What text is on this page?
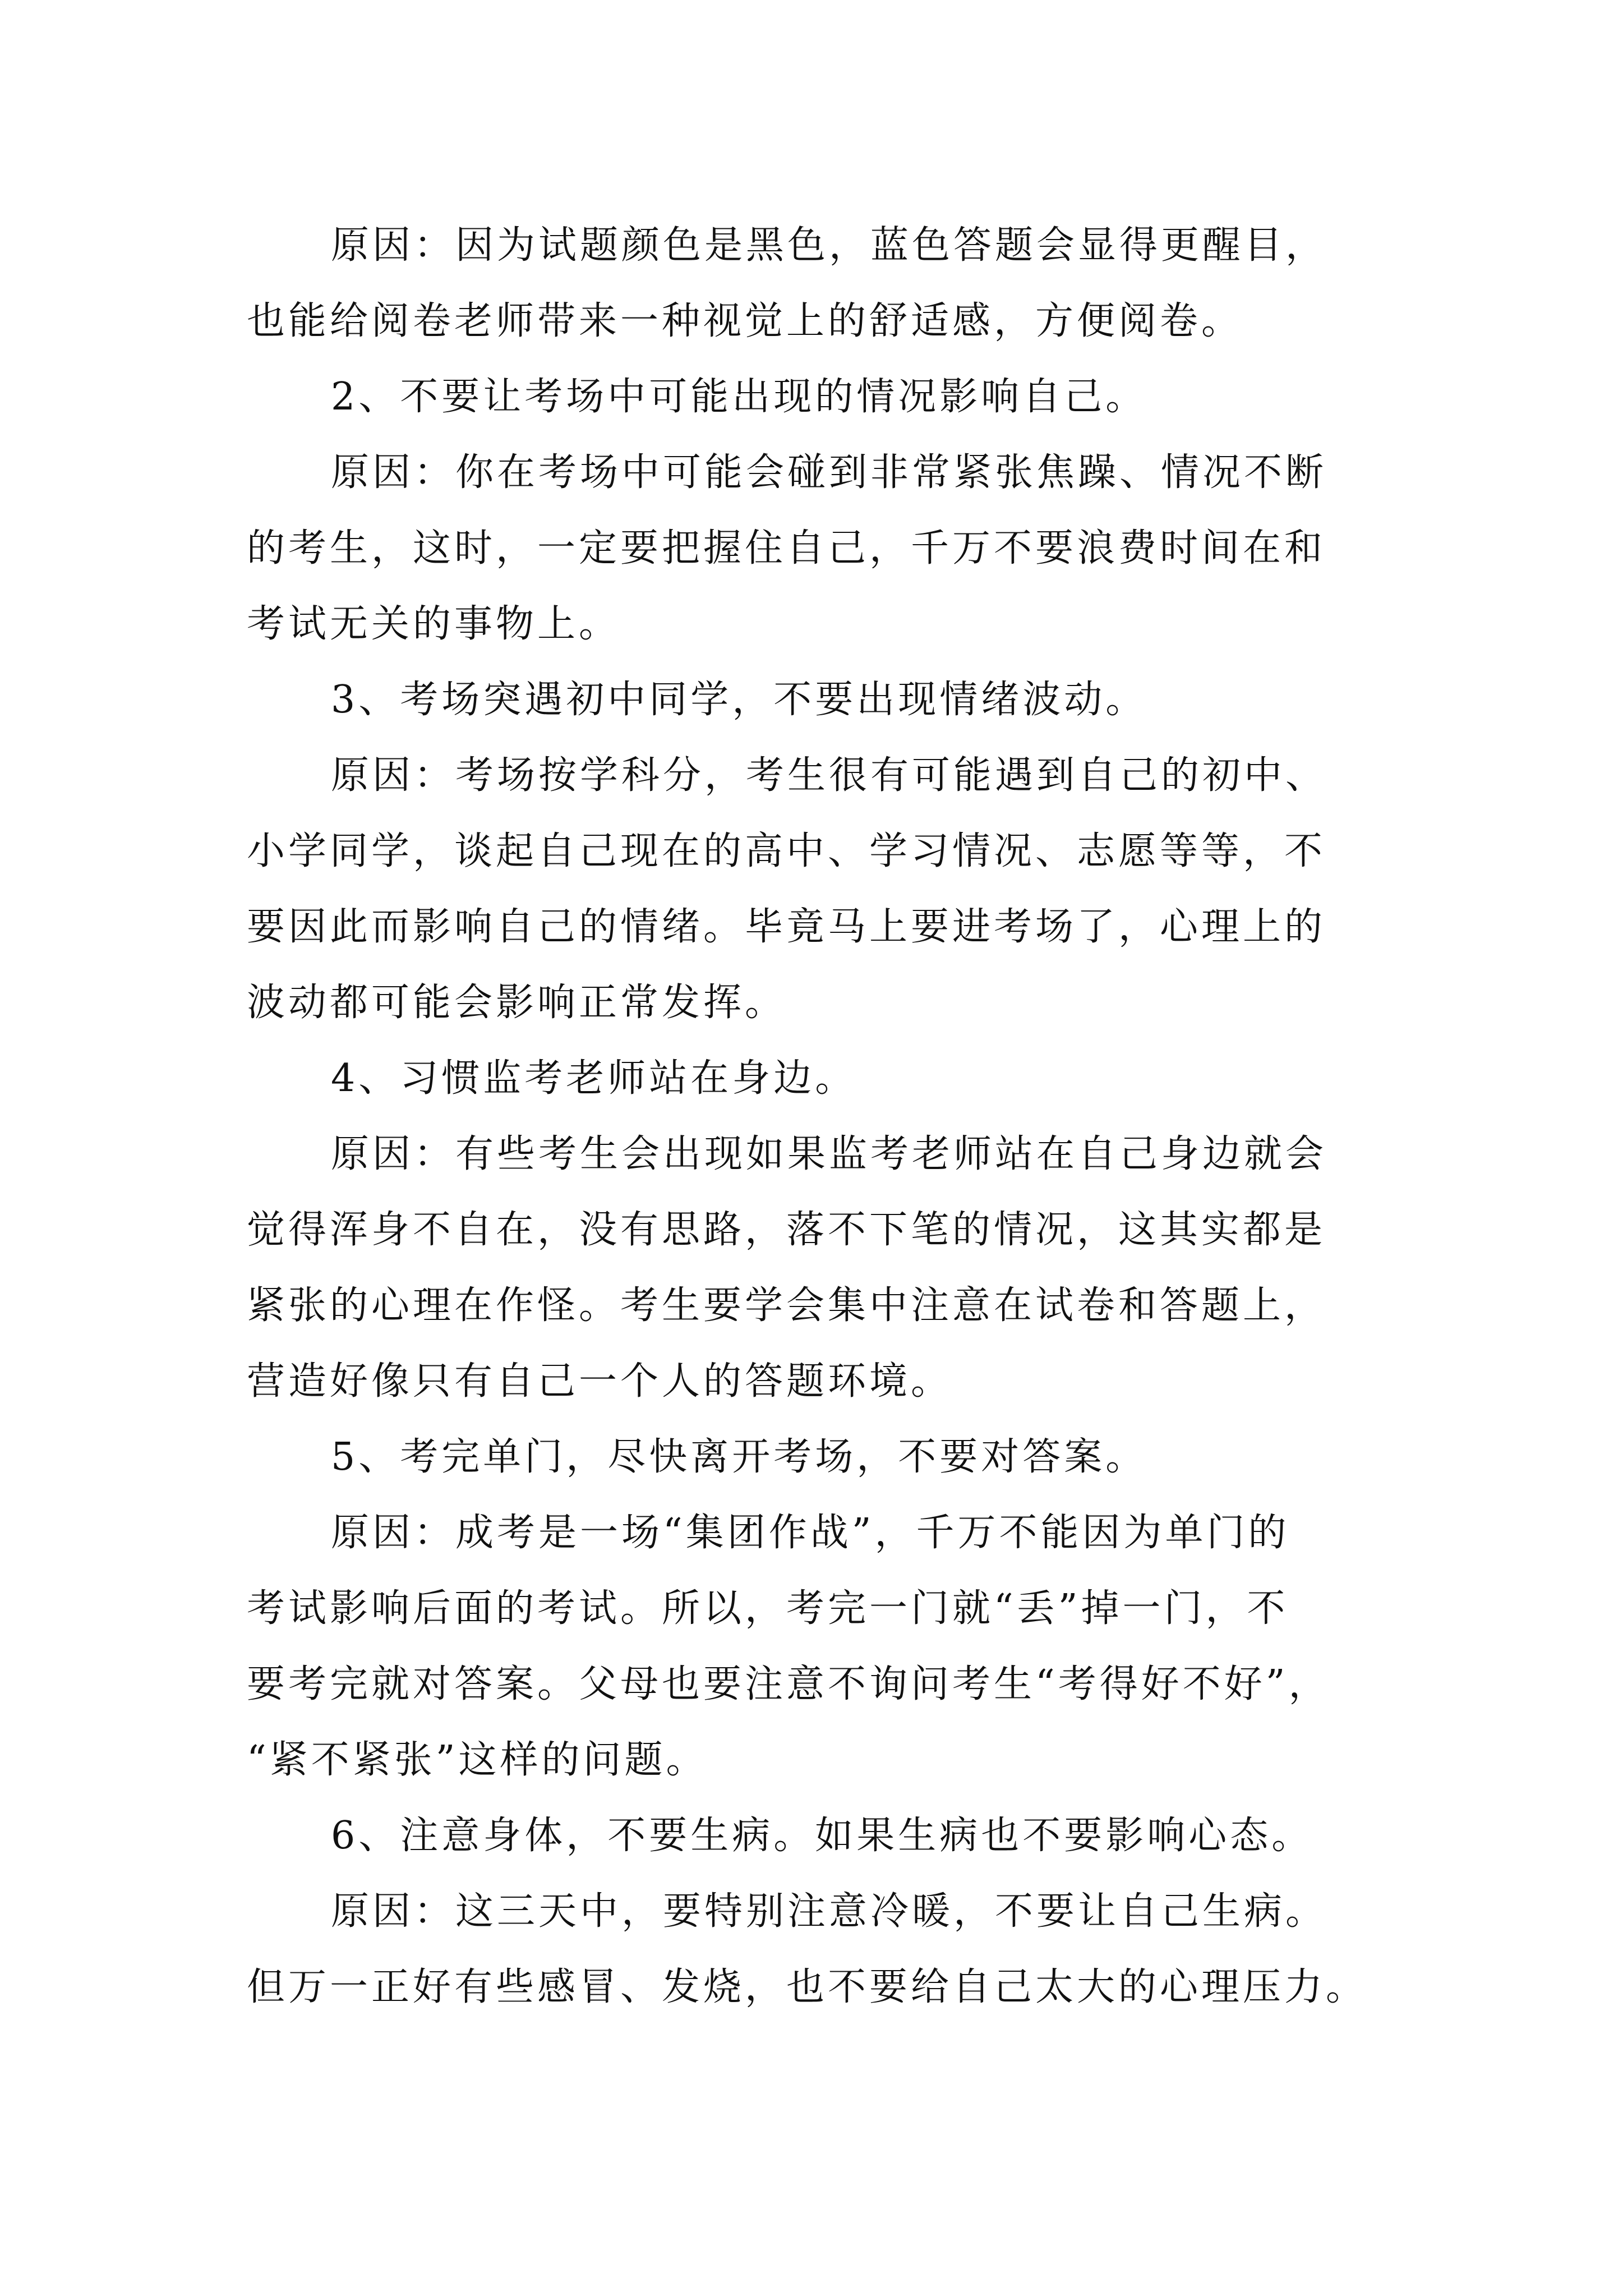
原因：因为试题颜色是黑色，蓝色答题会显得更醒目，
也能给阅卷老师带来一种视觉上的舒适感，方便阅卷。
2、不要让考场中可能出现的情况影响自己。
原因：你在考场中可能会碰到非常紧张焦躁、情况不断
的考生，这时，一定要把握住自己，千万不要浪费时间在和
考试无关的事物上。
3、考场突遇初中同学，不要出现情绪波动。
原因：考场按学科分，考生很有可能遇到自己的初中、
小学同学，谈起自己现在的高中、学习情况、志愿等等，不
要因此而影响自己的情绪。毕竟马上要进考场了，心理上的
波动都可能会影响正常发挥。
4、习惯监考老师站在身边。
原因：有些考生会出现如果监考老师站在自己身边就会
觉得浑身不自在，没有思路，落不下笔的情况，这其实都是
紧张的心理在作怪。考生要学会集中注意在试卷和答题上，
营造好像只有自己一个人的答题环境。
5、考完单门，尽快离开考场，不要对答案。
原因：成考是一场“集团作战”，千万不能因为单门的
考试影响后面的考试。所以，考完一门就“丢”掉一门，不
要考完就对答案。父母也要注意不询问考生“考得好不好”，
“紧不紧张”这样的问题。
6、注意身体，不要生病。如果生病也不要影响心态。
原因：这三天中，要特别注意冷暖，不要让自己生病。
但万一正好有些感冒、发烧，也不要给自己太大的心理压力。
